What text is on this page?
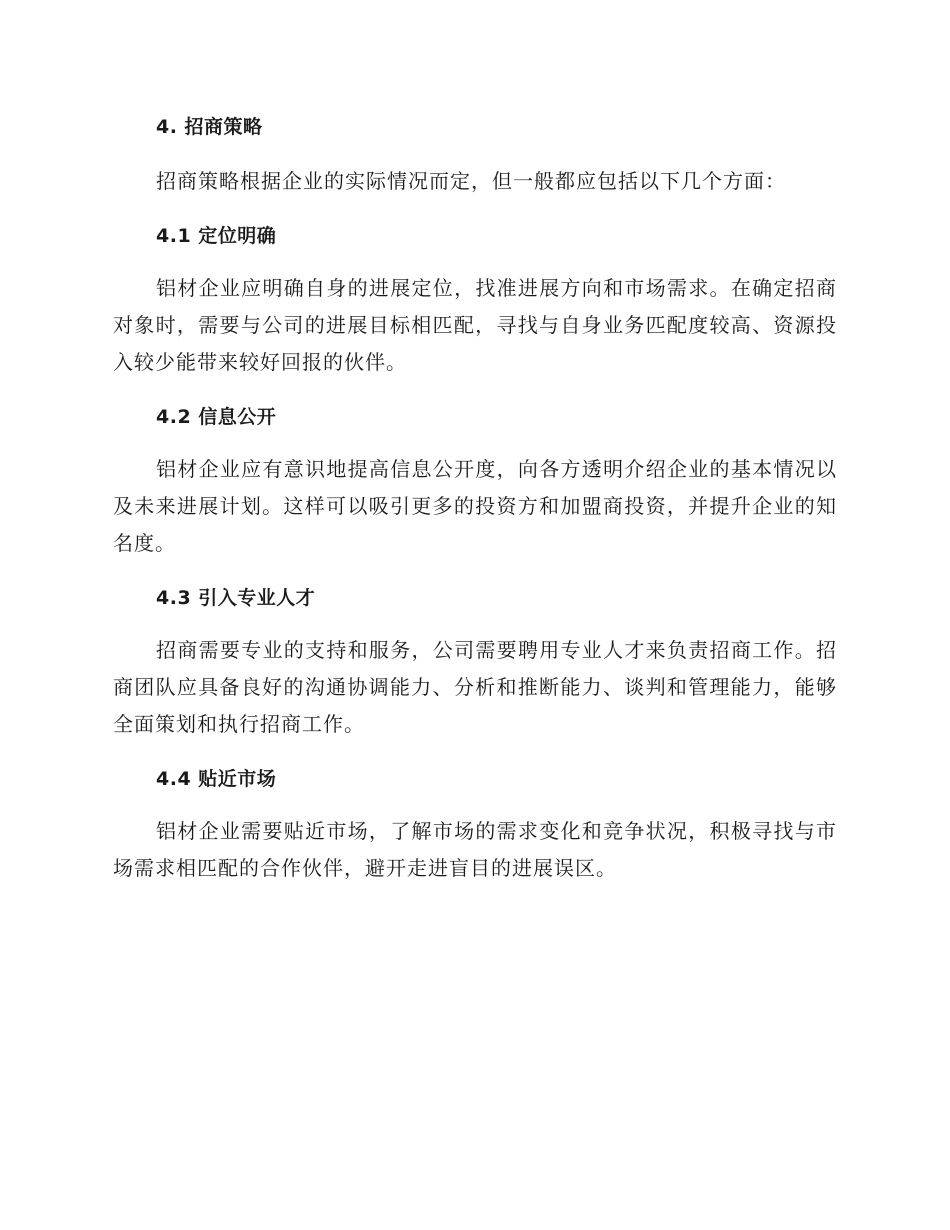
4. 招商策略

招商策略根据企业的实际情况而定，但一般都应包括以下几个方面：

4.1 定位明确

铝材企业应明确自身的进展定位，找准进展方向和市场需求。在确定招商对象时，需要与公司的进展目标相匹配，寻找与自身业务匹配度较高、资源投入较少能带来较好回报的伙伴。

4.2 信息公开

铝材企业应有意识地提高信息公开度，向各方透明介绍企业的基本情况以及未来进展计划。这样可以吸引更多的投资方和加盟商投资，并提升企业的知名度。

4.3 引入专业人才

招商需要专业的支持和服务，公司需要聘用专业人才来负责招商工作。招商团队应具备良好的沟通协调能力、分析和推断能力、谈判和管理能力，能够全面策划和执行招商工作。

4.4 贴近市场

铝材企业需要贴近市场，了解市场的需求变化和竞争状况，积极寻找与市场需求相匹配的合作伙伴，避开走进盲目的进展误区。
